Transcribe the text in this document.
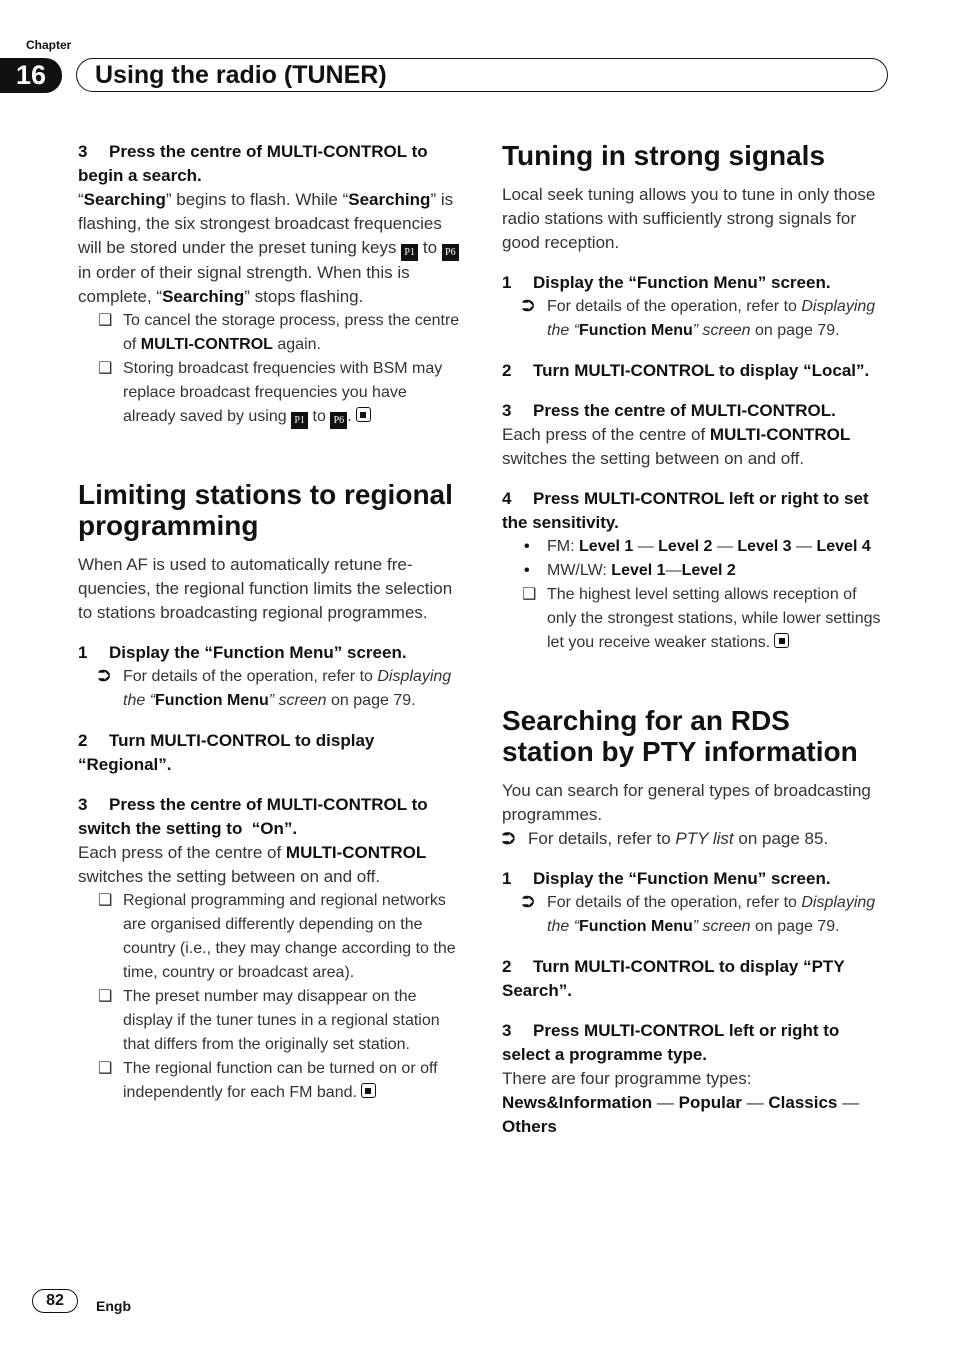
Chapter
16	Using the radio (TUNER)

3 Press the centre of MULTI-CONTROL to begin a search.

“Searching” begins to flash. While “Searching” is flashing, the six strongest broadcast frequencies will be stored under the preset tuning keys P1 to P6 in order of their signal strength. When this is complete, “Searching” stops flashing.

❑ To cancel the storage process, press the centre of MULTI-CONTROL again.

❑ Storing broadcast frequencies with BSM may replace broadcast frequencies you have already saved by using P1 to P6 .

Limiting stations to regional programming

When AF is used to automatically retune frequencies, the regional function limits the selection to stations broadcasting regional programmes.

1 Display the “Function Menu” screen.

⮊ For details of the operation, refer to Displaying the “Function Menu” screen on page 79.

2 Turn MULTI-CONTROL to display “Regional”.

3 Press the centre of MULTI-CONTROL to switch the setting to  “On”.

Each press of the centre of MULTI-CONTROL switches the setting between on and off.

❑ Regional programming and regional networks are organised differently depending on the country (i.e., they may change according to the time, country or broadcast area).

❑ The preset number may disappear on the display if the tuner tunes in a regional station that differs from the originally set station.

❑ The regional function can be turned on or off independently for each FM band.

Tuning in strong signals

Local seek tuning allows you to tune in only those radio stations with sufficiently strong signals for good reception.

1 Display the “Function Menu” screen.

⮊ For details of the operation, refer to Displaying the “Function Menu” screen on page 79.

2 Turn MULTI-CONTROL to display “Local”.

3 Press the centre of MULTI-CONTROL.

Each press of the centre of MULTI-CONTROL switches the setting between on and off.

4 Press MULTI-CONTROL left or right to set the sensitivity.

• FM: Level 1 — Level 2 — Level 3 — Level 4

• MW/LW: Level 1—Level 2

❑ The highest level setting allows reception of only the strongest stations, while lower settings let you receive weaker stations.

Searching for an RDS station by PTY information

You can search for general types of broadcasting programmes.

⮊ For details, refer to PTY list on page 85.

1 Display the “Function Menu” screen.

⮊ For details of the operation, refer to Displaying the “Function Menu” screen on page 79.

2 Turn MULTI-CONTROL to display “PTY Search”.

3 Press MULTI-CONTROL left or right to select a programme type.

There are four programme types:

News&Information — Popular — Classics — Others

82	Engb
